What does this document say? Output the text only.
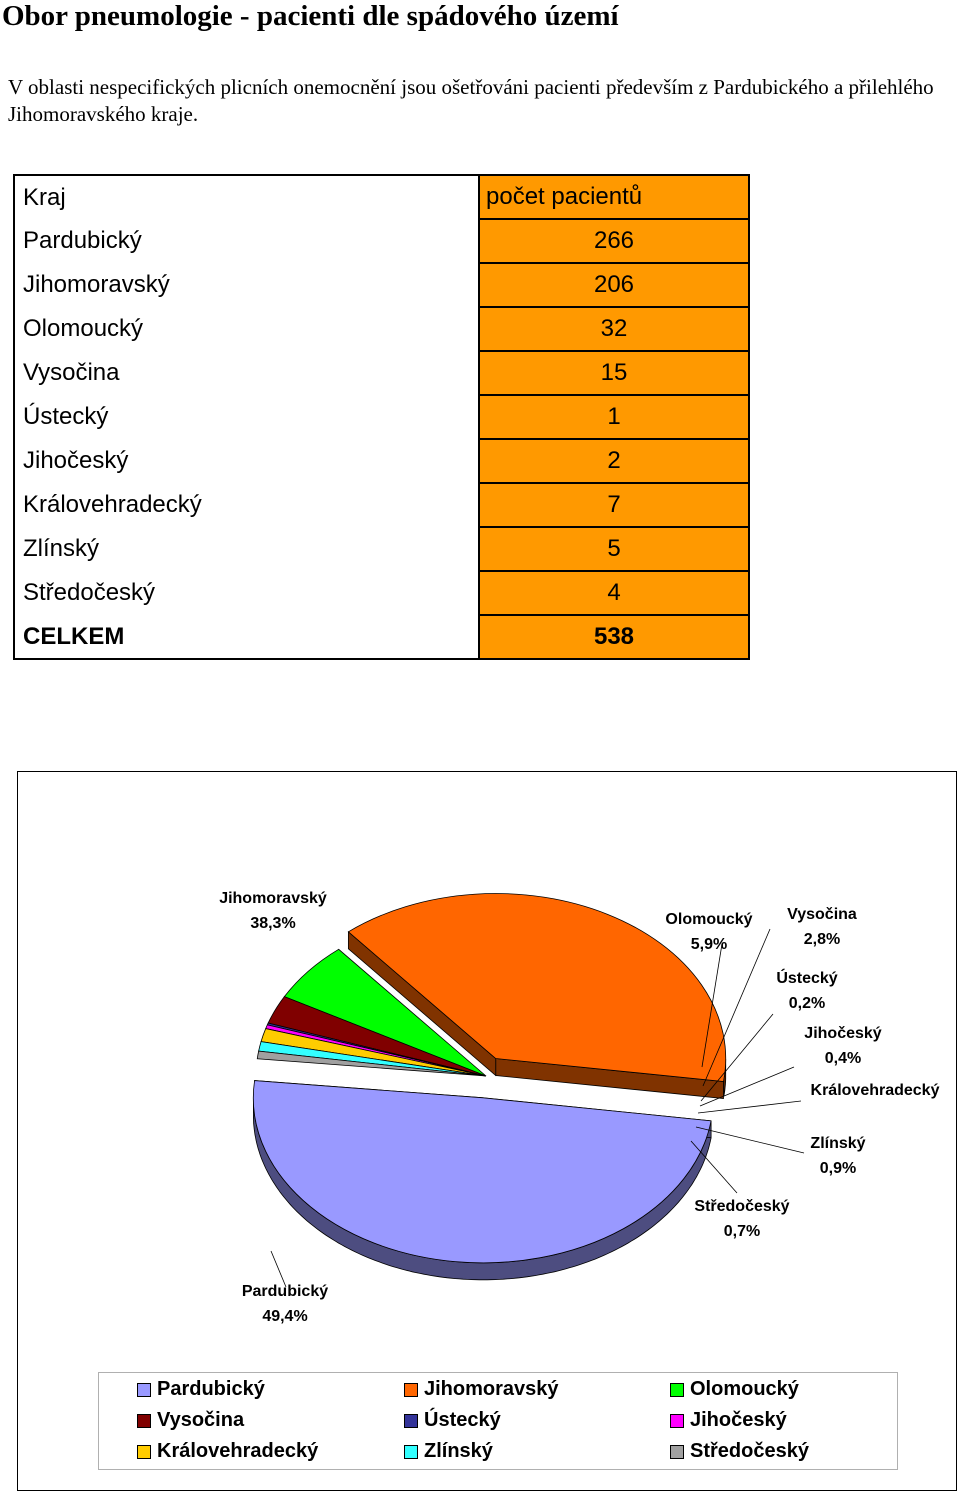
Obor pneumologie - pacienti dle spádového území
V oblasti nespecifických plicních onemocnění jsou ošetřováni pacienti především z Pardubického a přilehlého Jihomoravského kraje.
Kraj	počet pacientů
Pardubický	266
Jihomoravský	206
Olomoucký	32
Vysočina	15
Ústecký	1
Jihočeský	2
Královehradecký	7
Zlínský	5
Středočeský	4
CELKEM	538
Jihomoravský
38,3%	Olomoucký
5,9%
Vysočina
2,8%
Ústecký
0,2%
Jihočeský
0,4%
Královehradecký
Zlínský
0,9%
Středočeský
0,7%
Pardubický
49,4%
Pardubický	Jihomoravský	Olomoucký
Vysočina	Ústecký	Jihočeský
Královehradecký	Zlínský	Středočeský
